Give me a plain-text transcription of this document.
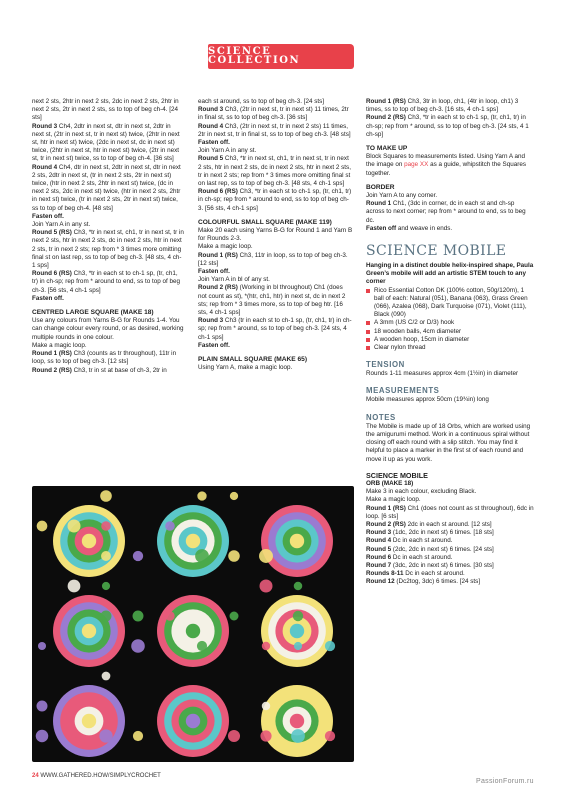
SCIENCE COLLECTION

next 2 sts, 2htr in next 2 sts, 2dc in next 2 sts, 2htr in next 2 sts, 2tr in next 2 sts, ss to top of beg ch-4. [24 sts]

Round 3 Ch4, 2dtr in next st, dtr in next st, 2dtr in next st, (2tr in next st, tr in next st) twice, (2htr in next st, htr in next st) twice, (2dc in next st, dc in next st) twice, (2htr in next st, htr in next st) twice, (2tr in next st, tr in next st) twice, ss to top of beg ch-4. [36 sts]

Round 4 Ch4, dtr in next st, 2dtr in next st, dtr in next 2 sts, 2dtr in next st, (tr in next 2 sts, 2tr in next st) twice, (htr in next 2 sts, 2htr in next st) twice, (dc in next 2 sts, 2dc in next st) twice, (htr in next 2 sts, 2htr in next st) twice, (tr in next 2 sts, 2tr in next st) twice, ss to top of beg ch-4. [48 sts]

Fasten off.

Join Yarn A in any st.

Round 5 (RS) Ch3, *tr in next st, ch1, tr in next st, tr in next 2 sts, htr in next 2 sts, dc in next 2 sts, htr in next 2 sts, tr in next 2 sts; rep from * 3 times more omitting final st on last rep, ss to top of beg ch-3. [48 sts, 4 ch-1 sps]

Round 6 (RS) Ch3, *tr in each st to ch-1 sp, (tr, ch1, tr) in ch-sp; rep from * around to end, ss to top of beg ch-3. [56 sts, 4 ch-1 sps]

Fasten off.

CENTRED LARGE SQUARE (MAKE 18)

Use any colours from Yarns B-G for Rounds 1-4. You can change colour every round, or as desired, working multiple rounds in one colour.

Make a magic loop.

Round 1 (RS) Ch3 (counts as tr throughout), 11tr in loop, ss to top of beg ch-3. [12 sts]

Round 2 (RS) Ch3, tr in st at base of ch-3, 2tr in

each st around, ss to top of beg ch-3. [24 sts]

Round 3 Ch3, (2tr in next st, tr in next st) 11 times, 2tr in final st, ss to top of beg ch-3. [36 sts]

Round 4 Ch3, (2tr in next st, tr in next 2 sts) 11 times, 2tr in next st, tr in final st, ss to top of beg ch-3. [48 sts]

Fasten off.

Join Yarn A in any st.

Round 5 Ch3, *tr in next st, ch1, tr in next st, tr in next 2 sts, htr in next 2 sts, dc in next 2 sts, htr in next 2 sts, tr in next 2 sts; rep from * 3 times more omitting final st on last rep, ss to top of beg ch-3. [48 sts, 4 ch-1 sps]

Round 6 (RS) Ch3, *tr in each st to ch-1 sp, (tr, ch1, tr) in ch-sp; rep from * around to end, ss to top of beg ch-3. [56 sts, 4 ch-1 sps]

COLOURFUL SMALL SQUARE (MAKE 119)

Make 20 each using Yarns B-G for Round 1 and Yarn B for Rounds 2-3.

Make a magic loop.

Round 1 (RS) Ch3, 11tr in loop, ss to top of beg ch-3. [12 sts]

Fasten off.

Join Yarn A in bl of any st.

Round 2 (RS) (Working in bl throughout) Ch1 (does not count as st), *(htr, ch1, htr) in next st, dc in next 2 sts; rep from * 3 times more, ss to top of beg htr. [16 sts, 4 ch-1 sps]

Round 3 Ch3 (tr in each st to ch-1 sp, (tr, ch1, tr) in ch-sp; rep from * around, ss to top of beg ch-3. [24 sts, 4 ch-1 sps]

Fasten off.

PLAIN SMALL SQUARE (MAKE 65)

Using Yarn A, make a magic loop.

Round 1 (RS) Ch3, 3tr in loop, ch1, (4tr in loop, ch1) 3 times, ss to top of beg ch-3. [16 sts, 4 ch-1 sps]

Round 2 (RS) Ch3, *tr in each st to ch-1 sp, (tr, ch1, tr) in ch-sp; rep from * around, ss to top of beg ch-3. [24 sts, 4 1 ch-sp]

TO MAKE UP

Block Squares to measurements listed. Using Yarn A and the image on page XX as a guide, whipstitch the Squares together.

BORDER

Join Yarn A to any corner.

Round 1 Ch1, (3dc in corner, dc in each st and ch-sp across to next corner; rep from * around to end, ss to beg dc.

Fasten off and weave in ends.

SCIENCE MOBILE

Hanging in a distinct double helix-inspired shape, Paula Green’s mobile will add an artistic STEM touch to any corner

Rico Essential Cotton DK (100% cotton, 50g/120m), 1 ball of each: Natural (051), Banana (063), Grass Green (066), Azalea (068), Dark Turquoise (071), Violet (111), Black (090)
A 3mm (US C/2 or D/3) hook
18 wooden balls, 4cm diameter
A wooden hoop, 15cm in diameter
Clear nylon thread

TENSION

Rounds 1-11 measures approx 4cm (1½in) in diameter

MEASUREMENTS

Mobile measures approx 50cm (19¾in) long

NOTES

The Mobile is made up of 18 Orbs, which are worked using the amigurumi method. Work in a continuous spiral without closing off each round with a slip stitch. You may find it helpful to place a marker in the first st of each round and move it up as you work.

SCIENCE MOBILE

ORB (MAKE 18)

Make 3 in each colour, excluding Black.

Make a magic loop.

Round 1 (RS) Ch1 (does not count as st throughout), 6dc in loop. [6 sts]

Round 2 (RS) 2dc in each st around. [12 sts]

Round 3 (1dc, 2dc in next st) 6 times. [18 sts]

Round 4 Dc in each st around.

Round 5 (2dc, 2dc in next st) 6 times. [24 sts]

Round 6 Dc in each st around.

Round 7 (3dc, 2dc in next st) 6 times. [30 sts]

Rounds 8-11 Dc in each st around.

Round 12 (Dc2tog, 3dc) 6 times. [24 sts]

24 WWW.GATHERED.HOW/SIMPLYCROCHET
PassionForum.ru
